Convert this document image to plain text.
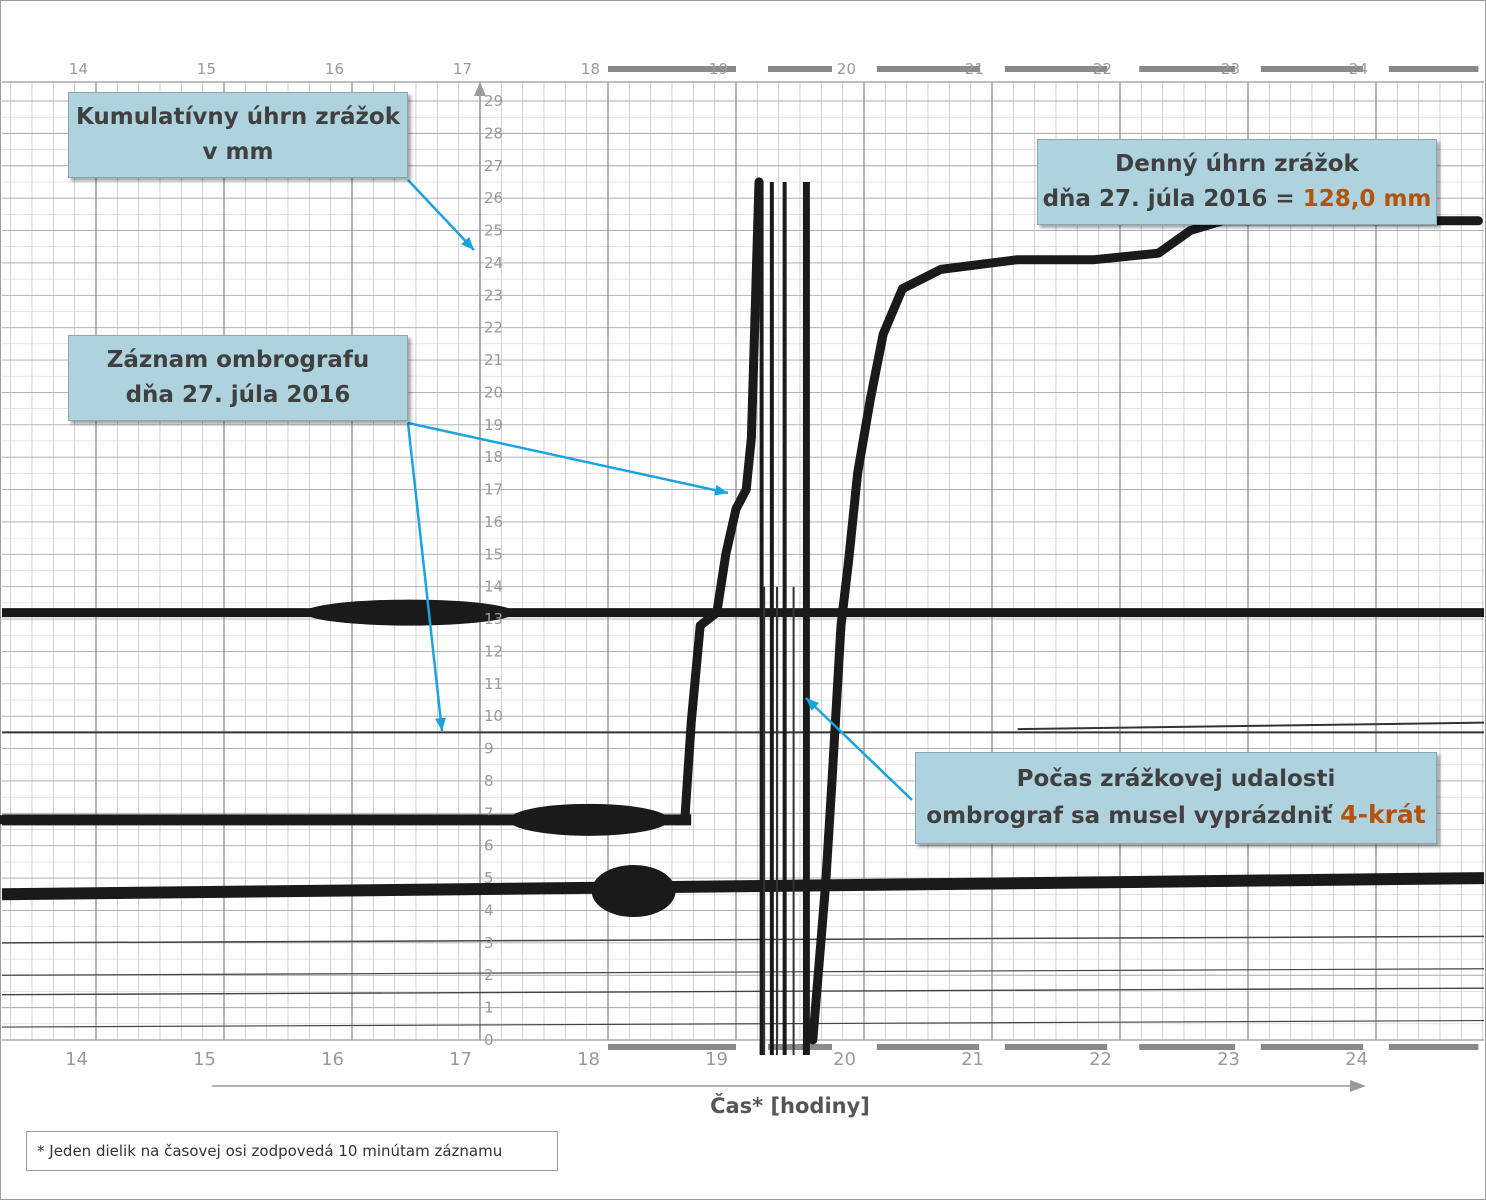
14	15	16	17	18	19	20	21	22	23	24
14	15	16	17	18	19	20	21	22	23	24
0
1
2
3
4
5
6
7
8
9
10
11
12
13
14
15
16
17
18
19
20
21
22
23
24
25
26
27
28
29
Kumulatívny úhrn zrážok
v mm
Záznam ombrografu
dňa 27. júla 2016
Denný úhrn zrážok
dňa 27. júla 2016 = 128,0 mm
Počas zrážkovej udalosti
ombrograf sa musel vyprázdniť 4-krát
Čas* [hodiny]
* Jeden dielik na časovej osi zodpovedá 10 minútam záznamu
